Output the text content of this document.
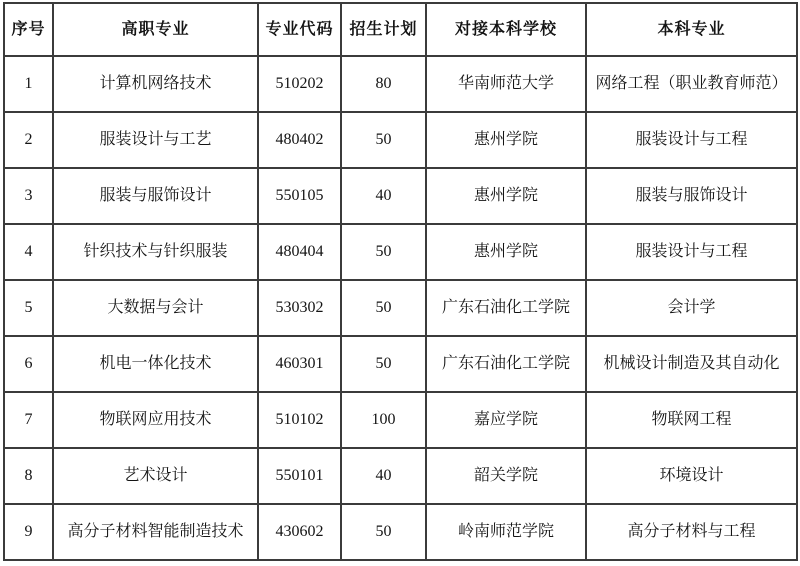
序号	高职专业	专业代码	招生计划	对接本科学校	本科专业
1	计算机网络技术	510202	80	华南师范大学	网络工程（职业教育师范）
2	服装设计与工艺	480402	50	惠州学院	服装设计与工程
3	服装与服饰设计	550105	40	惠州学院	服装与服饰设计
4	针织技术与针织服装	480404	50	惠州学院	服装设计与工程
5	大数据与会计	530302	50	广东石油化工学院	会计学
6	机电一体化技术	460301	50	广东石油化工学院	机械设计制造及其自动化
7	物联网应用技术	510102	100	嘉应学院	物联网工程
8	艺术设计	550101	40	韶关学院	环境设计
9	高分子材料智能制造技术	430602	50	岭南师范学院	高分子材料与工程
